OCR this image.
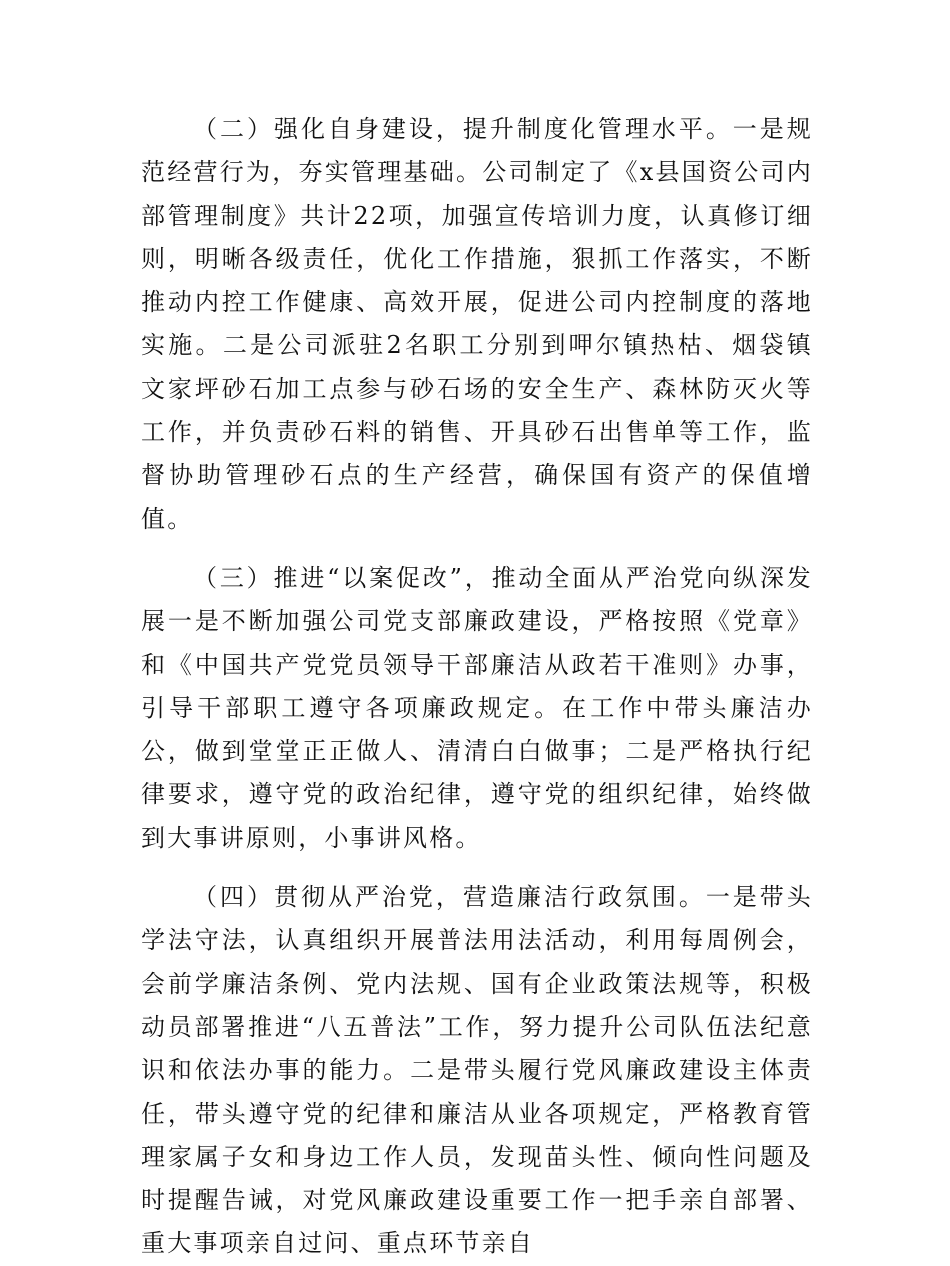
（二）强化自身建设，提升制度化管理水平。一是规范经营行为，夯实管理基础。公司制定了《x县国资公司内部管理制度》共计22项，加强宣传培训力度，认真修订细则，明晰各级责任，优化工作措施，狠抓工作落实，不断推动内控工作健康、高效开展，促进公司内控制度的落地实施。二是公司派驻2名职工分别到呷尔镇热枯、烟袋镇文家坪砂石加工点参与砂石场的安全生产、森林防灭火等工作，并负责砂石料的销售、开具砂石出售单等工作，监督协助管理砂石点的生产经营，确保国有资产的保值增值。

（三）推进“以案促改”，推动全面从严治党向纵深发展一是不断加强公司党支部廉政建设，严格按照《党章》和《中国共产党党员领导干部廉洁从政若干准则》办事，引导干部职工遵守各项廉政规定。在工作中带头廉洁办公，做到堂堂正正做人、清清白白做事；二是严格执行纪律要求，遵守党的政治纪律，遵守党的组织纪律，始终做到大事讲原则，小事讲风格。

（四）贯彻从严治党，营造廉洁行政氛围。一是带头学法守法，认真组织开展普法用法活动，利用每周例会，会前学廉洁条例、党内法规、国有企业政策法规等，积极动员部署推进“八五普法”工作，努力提升公司队伍法纪意识和依法办事的能力。二是带头履行党风廉政建设主体责任，带头遵守党的纪律和廉洁从业各项规定，严格教育管理家属子女和身边工作人员，发现苗头性、倾向性问题及时提醒告诫，对党风廉政建设重要工作一把手亲自部署、重大事项亲自过问、重点环节亲自
